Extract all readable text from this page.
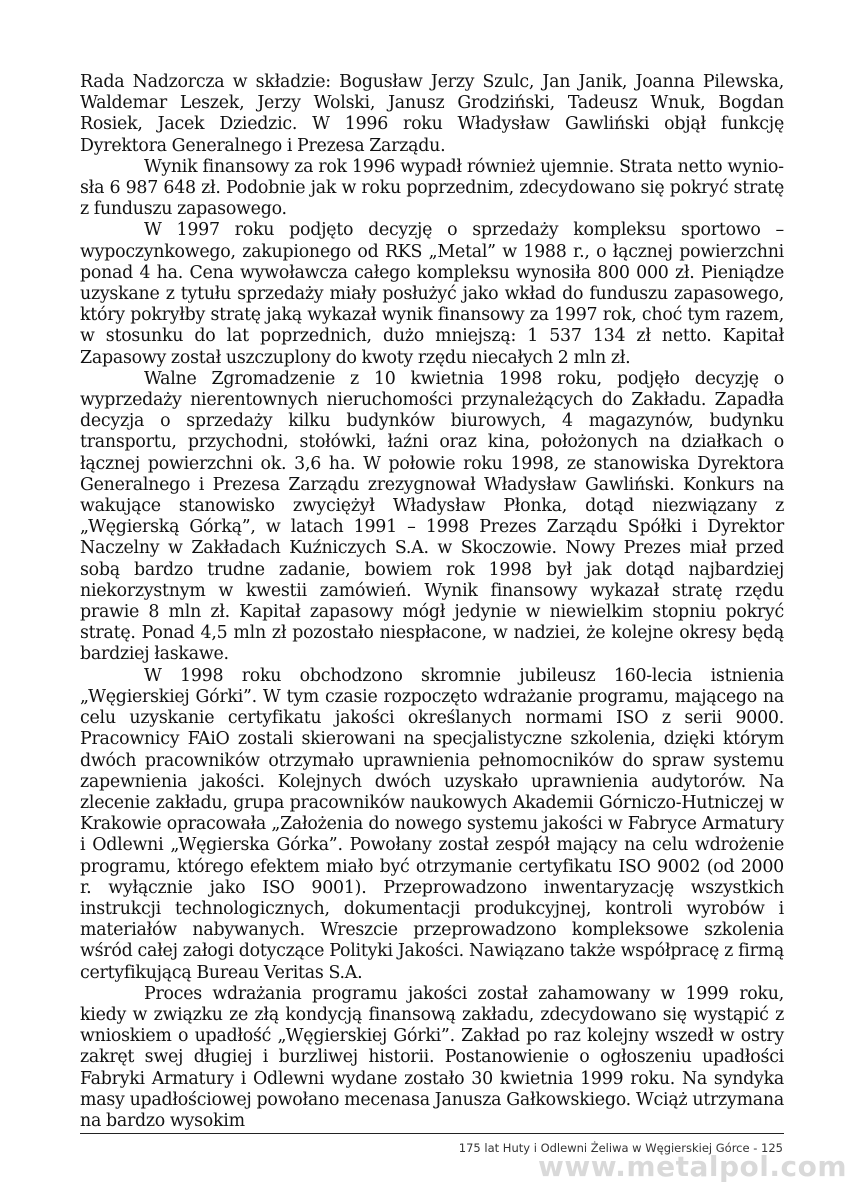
Rada Nadzorcza w składzie: Bogusław Jerzy Szulc, Jan Janik, Joanna Pilewska, Waldemar Leszek, Jerzy Wolski, Janusz Grodziński, Tadeusz Wnuk, Bogdan Rosiek, Jacek Dziedzic. W 1996 roku Władysław Gawliński objął funkcję Dyrektora Generalnego i Prezesa Zarządu.

Wynik finansowy za rok 1996 wypadł również ujemnie. Strata netto wyniosła 6 987 648 zł. Podobnie jak w roku poprzednim, zdecydowano się pokryć stratę z funduszu zapasowego.

W 1997 roku podjęto decyzję o sprzedaży kompleksu sportowo – wypoczynkowego, zakupionego od RKS „Metal” w 1988 r., o łącznej powierzchni ponad 4 ha. Cena wywoławcza całego kompleksu wynosiła 800 000 zł. Pieniądze uzyskane z tytułu sprzedaży miały posłużyć jako wkład do funduszu zapasowego, który pokryłby stratę jaką wykazał wynik finansowy za 1997 rok, choć tym razem, w stosunku do lat poprzednich, dużo mniejszą: 1 537 134 zł netto. Kapitał Zapasowy został uszczuplony do kwoty rzędu niecałych 2 mln zł.

Walne Zgromadzenie z 10 kwietnia 1998 roku, podjęło decyzję o wyprzedaży nierentownych nieruchomości przynależących do Zakładu. Zapadła decyzja o sprzedaży kilku budynków biurowych, 4 magazynów, budynku transportu, przychodni, stołówki, łaźni oraz kina, położonych na działkach o łącznej powierzchni ok. 3,6 ha. W połowie roku 1998, ze stanowiska Dyrektora Generalnego i Prezesa Zarządu zrezygnował Władysław Gawliński. Konkurs na wakujące stanowisko zwyciężył Władysław Płonka, dotąd niezwiązany z „Węgierską Górką”, w latach 1991 – 1998 Prezes Zarządu Spółki i Dyrektor Naczelny w Zakładach Kuźniczych S.A. w Skoczowie. Nowy Prezes miał przed sobą bardzo trudne zadanie, bowiem rok 1998 był jak dotąd najbardziej niekorzystnym w kwestii zamówień. Wynik finansowy wykazał stratę rzędu prawie 8 mln zł. Kapitał zapasowy mógł jedynie w niewielkim stopniu pokryć stratę. Ponad 4,5 mln zł pozostało niespłacone, w nadziei, że kolejne okresy będą bardziej łaskawe.

W 1998 roku obchodzono skromnie jubileusz 160-lecia istnienia „Węgierskiej Górki”. W tym czasie rozpoczęto wdrażanie programu, mającego na celu uzyskanie certyfikatu jakości określanych normami ISO z serii 9000. Pracownicy FAiO zostali skierowani na specjalistyczne szkolenia, dzięki którym dwóch pracowników otrzymało uprawnienia pełnomocników do spraw systemu zapewnienia jakości. Kolejnych dwóch uzyskało uprawnienia audytorów. Na zlecenie zakładu, grupa pracowników naukowych Akademii Górniczo-Hutniczej w Krakowie opracowała „Założenia do nowego systemu jakości w Fabryce Armatury i Odlewni „Węgierska Górka”. Powołany został zespół mający na celu wdrożenie programu, którego efektem miało być otrzymanie certyfikatu ISO 9002 (od 2000 r. wyłącznie jako ISO 9001). Przeprowadzono inwentaryzację wszystkich instrukcji technologicznych, dokumentacji produkcyjnej, kontroli wyrobów i materiałów nabywanych. Wreszcie przeprowadzono kompleksowe szkolenia wśród całej załogi dotyczące Polityki Jakości. Nawiązano także współpracę z firmą certyfikującą Bureau Veritas S.A.

Proces wdrażania programu jakości został zahamowany w 1999 roku, kiedy w związku ze złą kondycją finansową zakładu, zdecydowano się wystąpić z wnioskiem o upadłość „Węgierskiej Górki”. Zakład po raz kolejny wszedł w ostry zakręt swej długiej i burzliwej historii. Postanowienie o ogłoszeniu upadłości Fabryki Armatury i Odlewni wydane zostało 30 kwietnia 1999 roku. Na syndyka masy upadłościowej powołano mecenasa Janusza Gałkowskiego. Wciąż utrzymana na bardzo wysokim

175 lat Huty i Odlewni Żeliwa w Węgierskiej Górce - 125
www.metalpol.com
